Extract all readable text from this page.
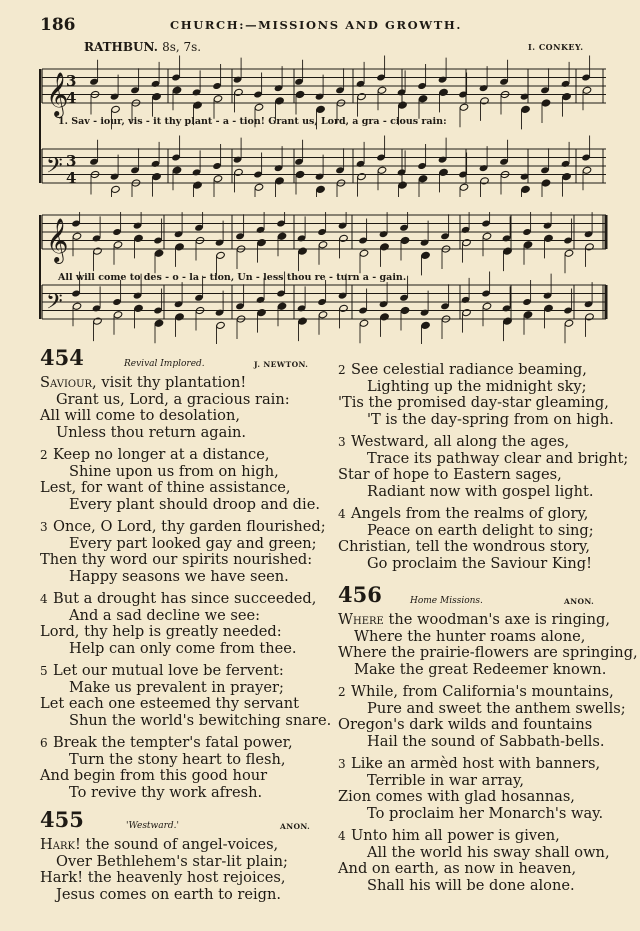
186	CHURCH:—MISSIONS AND GROWTH.
RATHBUN. 8s, 7s.	I. CONKEY.
𝄞
3
4
𝄢 3
4
1. Sav - iour, vis - it thy plant - a - tion! Grant us, Lord, a gra - cious rain:
𝄞
𝄢
All will come to des - o - la - tion, Un - less thou re - turn a - gain.
454	Revival Implored.	J. NEWTON.
Saviour, visit thy plantation!
Grant us, Lord, a gracious rain:
All will come to desolation,
Unless thou return again.
2 Keep no longer at a distance,
Shine upon us from on high,
Lest, for want of thine assistance,
Every plant should droop and die.
3 Once, O Lord, thy garden flourished;
Every part looked gay and green;
Then thy word our spirits nourished:
Happy seasons we have seen.
4 But a drought has since succeeded,
And a sad decline we see:
Lord, thy help is greatly needed:
Help can only come from thee.
5 Let our mutual love be fervent:
Make us prevalent in prayer;
Let each one esteemed thy servant
Shun the world's bewitching snare.
6 Break the tempter's fatal power,
Turn the stony heart to flesh,
And begin from this good hour
To revive thy work afresh.
455	'Westward.'	ANON.
Hark! the sound of angel-voices,
Over Bethlehem's star-lit plain;
Hark! the heavenly host rejoices,
Jesus comes on earth to reign.
2 See celestial radiance beaming,
Lighting up the midnight sky;
'Tis the promised day-star gleaming,
'T is the day-spring from on high.
3 Westward, all along the ages,
Trace its pathway clear and bright;
Star of hope to Eastern sages,
Radiant now with gospel light.
4 Angels from the realms of glory,
Peace on earth delight to sing;
Christian, tell the wondrous story,
Go proclaim the Saviour King!
456	Home Missions.	ANON.
Where the woodman's axe is ringing,
Where the hunter roams alone,
Where the prairie-flowers are springing,
Make the great Redeemer known.
2 While, from California's mountains,
Pure and sweet the anthem swells;
Oregon's dark wilds and fountains
Hail the sound of Sabbath-bells.
3 Like an armèd host with banners,
Terrible in war array,
Zion comes with glad hosannas,
To proclaim her Monarch's way.
4 Unto him all power is given,
All the world his sway shall own,
And on earth, as now in heaven,
Shall his will be done alone.
